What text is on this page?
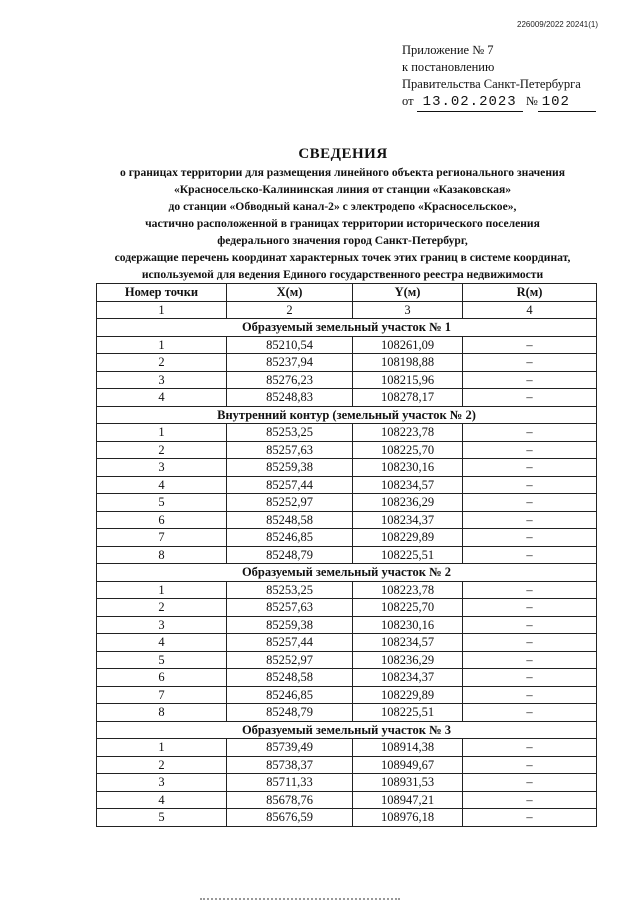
226009/2022 20241(1)
Приложение № 7
к постановлению
Правительства Санкт-Петербурга
от 13.02.2023 № 102
СВЕДЕНИЯ
о границах территории для размещения линейного объекта регионального значения
«Красносельско-Калининская линия от станции «Казаковская»
до станции «Обводный канал-2» с электродепо «Красносельское»,
частично расположенной в границах территории исторического поселения
федерального значения город Санкт-Петербург,
содержащие перечень координат характерных точек этих границ в системе координат,
используемой для ведения Единого государственного реестра недвижимости
Номер точки	X(м)	Y(м)	R(м)
1	2	3	4
Образуемый земельный участок № 1			
1	85210,54	108261,09	–
2	85237,94	108198,88	–
3	85276,23	108215,96	–
4	85248,83	108278,17	–
Внутренний контур (земельный участок № 2)			
1	85253,25	108223,78	–
2	85257,63	108225,70	–
3	85259,38	108230,16	–
4	85257,44	108234,57	–
5	85252,97	108236,29	–
6	85248,58	108234,37	–
7	85246,85	108229,89	–
8	85248,79	108225,51	–
Образуемый земельный участок № 2			
1	85253,25	108223,78	–
2	85257,63	108225,70	–
3	85259,38	108230,16	–
4	85257,44	108234,57	–
5	85252,97	108236,29	–
6	85248,58	108234,37	–
7	85246,85	108229,89	–
8	85248,79	108225,51	–
Образуемый земельный участок № 3			
1	85739,49	108914,38	–
2	85738,37	108949,67	–
3	85711,33	108931,53	–
4	85678,76	108947,21	–
5	85676,59	108976,18	–
